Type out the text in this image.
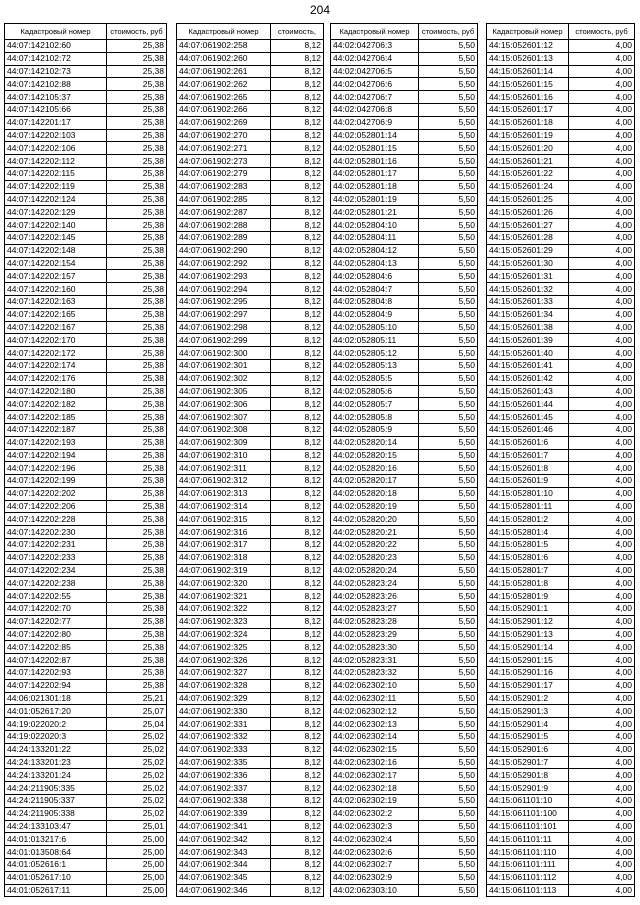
204
Кадастровый номер	стоимость, руб
44:07:142102:60	25,38
44:07:142102:72	25,38
44:07:142102:73	25,38
44:07:142102:88	25,38
44:07:142105:37	25,38
44:07:142105:66	25,38
44:07:142201:17	25,38
44:07:142202:103	25,38
44:07:142202:106	25,38
44:07:142202:112	25,38
44:07:142202:115	25,38
44:07:142202:119	25,38
44:07:142202:124	25,38
44:07:142202:129	25,38
44:07:142202:140	25,38
44:07:142202:145	25,38
44:07:142202:148	25,38
44:07:142202:154	25,38
44:07:142202:157	25,38
44:07:142202:160	25,38
44:07:142202:163	25,38
44:07:142202:165	25,38
44:07:142202:167	25,38
44:07:142202:170	25,38
44:07:142202:172	25,38
44:07:142202:174	25,38
44:07:142202:176	25,38
44:07:142202:180	25,38
44:07:142202:182	25,38
44:07:142202:185	25,38
44:07:142202:187	25,38
44:07:142202:193	25,38
44:07:142202:194	25,38
44:07:142202:196	25,38
44:07:142202:199	25,38
44:07:142202:202	25,38
44:07:142202:206	25,38
44:07:142202:228	25,38
44:07:142202:230	25,38
44:07:142202:231	25,38
44:07:142202:233	25,38
44:07:142202:234	25,38
44:07:142202:238	25,38
44:07:142202:55	25,38
44:07:142202:70	25,38
44:07:142202:77	25,38
44:07:142202:80	25,38
44:07:142202:85	25,38
44:07:142202:87	25,38
44:07:142202:93	25,38
44:07:142202:94	25,38
44:06:021301:18	25,21
44:01:052617:20	25,07
44:19:022020:2	25,04
44:19:022020:3	25,02
44:24:133201:22	25,02
44:24:133201:23	25,02
44:24:133201:24	25,02
44:24:211905:335	25,02
44:24:211905:337	25,02
44:24:211905:338	25,02
44:24:133103:47	25,01
44:01:013217:6	25,00
44:01:013508:64	25,00
44:01:052616:1	25,00
44:01:052617:10	25,00
44:01:052617:11	25,00
Кадастровый номер	стоимость,
44:07:061902:258	8,12
44:07:061902:260	8,12
44:07:061902:261	8,12
44:07:061902:262	8,12
44:07:061902:265	8,12
44:07:061902:266	8,12
44:07:061902:269	8,12
44:07:061902:270	8,12
44:07:061902:271	8,12
44:07:061902:273	8,12
44:07:061902:279	8,12
44:07:061902:283	8,12
44:07:061902:285	8,12
44:07:061902:287	8,12
44:07:061902:288	8,12
44:07:061902:289	8,12
44:07:061902:290	8,12
44:07:061902:292	8,12
44:07:061902:293	8,12
44:07:061902:294	8,12
44:07:061902:295	8,12
44:07:061902:297	8,12
44:07:061902:298	8,12
44:07:061902:299	8,12
44:07:061902:300	8,12
44:07:061902:301	8,12
44:07:061902:302	8,12
44:07:061902:305	8,12
44:07:061902:306	8,12
44:07:061902:307	8,12
44:07:061902:308	8,12
44:07:061902:309	8,12
44:07:061902:310	8,12
44:07:061902:311	8,12
44:07:061902:312	8,12
44:07:061902:313	8,12
44:07:061902:314	8,12
44:07:061902:315	8,12
44:07:061902:316	8,12
44:07:061902:317	8,12
44:07:061902:318	8,12
44:07:061902:319	8,12
44:07:061902:320	8,12
44:07:061902:321	8,12
44:07:061902:322	8,12
44:07:061902:323	8,12
44:07:061902:324	8,12
44:07:061902:325	8,12
44:07:061902:326	8,12
44:07:061902:327	8,12
44:07:061902:328	8,12
44:07:061902:329	8,12
44:07:061902:330	8,12
44:07:061902:331	8,12
44:07:061902:332	8,12
44:07:061902:333	8,12
44:07:061902:335	8,12
44:07:061902:336	8,12
44:07:061902:337	8,12
44:07:061902:338	8,12
44:07:061902:339	8,12
44:07:061902:341	8,12
44:07:061902:342	8,12
44:07:061902:343	8,12
44:07:061902:344	8,12
44:07:061902:345	8,12
44:07:061902:346	8,12
Кадастровый номер	стоимость, руб
44:02:042706:3	5,50
44:02:042706:4	5,50
44:02:042706:5	5,50
44:02:042706:6	5,50
44:02:042706:7	5,50
44:02:042706:8	5,50
44:02:042706:9	5,50
44:02:052801:14	5,50
44:02:052801:15	5,50
44:02:052801:16	5,50
44:02:052801:17	5,50
44:02:052801:18	5,50
44:02:052801:19	5,50
44:02:052801:21	5,50
44:02:052804:10	5,50
44:02:052804:11	5,50
44:02:052804:12	5,50
44:02:052804:13	5,50
44:02:052804:6	5,50
44:02:052804:7	5,50
44:02:052804:8	5,50
44:02:052804:9	5,50
44:02:052805:10	5,50
44:02:052805:11	5,50
44:02:052805:12	5,50
44:02:052805:13	5,50
44:02:052805:5	5,50
44:02:052805:6	5,50
44:02:052805:7	5,50
44:02:052805:8	5,50
44:02:052805:9	5,50
44:02:052820:14	5,50
44:02:052820:15	5,50
44:02:052820:16	5,50
44:02:052820:17	5,50
44:02:052820:18	5,50
44:02:052820:19	5,50
44:02:052820:20	5,50
44:02:052820:21	5,50
44:02:052820:22	5,50
44:02:052820:23	5,50
44:02:052820:24	5,50
44:02:052823:24	5,50
44:02:052823:26	5,50
44:02:052823:27	5,50
44:02:052823:28	5,50
44:02:052823:29	5,50
44:02:052823:30	5,50
44:02:052823:31	5,50
44:02:052823:32	5,50
44:02:062302:10	5,50
44:02:062302:11	5,50
44:02:062302:12	5,50
44:02:062302:13	5,50
44:02:062302:14	5,50
44:02:062302:15	5,50
44:02:062302:16	5,50
44:02:062302:17	5,50
44:02:062302:18	5,50
44:02:062302:19	5,50
44:02:062302:2	5,50
44:02:062302:3	5,50
44:02:062302:4	5,50
44:02:062302:6	5,50
44:02:062302:7	5,50
44:02:062302:9	5,50
44:02:062303:10	5,50
Кадастровый номер	стоимость, руб
44:15:052601:12	4,00
44:15:052601:13	4,00
44:15:052601:14	4,00
44:15:052601:15	4,00
44:15:052601:16	4,00
44:15:052601:17	4,00
44:15:052601:18	4,00
44:15:052601:19	4,00
44:15:052601:20	4,00
44:15:052601:21	4,00
44:15:052601:22	4,00
44:15:052601:24	4,00
44:15:052601:25	4,00
44:15:052601:26	4,00
44:15:052601:27	4,00
44:15:052601:28	4,00
44:15:052601:29	4,00
44:15:052601:30	4,00
44:15:052601:31	4,00
44:15:052601:32	4,00
44:15:052601:33	4,00
44:15:052601:34	4,00
44:15:052601:38	4,00
44:15:052601:39	4,00
44:15:052601:40	4,00
44:15:052601:41	4,00
44:15:052601:42	4,00
44:15:052601:43	4,00
44:15:052601:44	4,00
44:15:052601:45	4,00
44:15:052601:46	4,00
44:15:052601:6	4,00
44:15:052601:7	4,00
44:15:052601:8	4,00
44:15:052601:9	4,00
44:15:052801:10	4,00
44:15:052801:11	4,00
44:15:052801:2	4,00
44:15:052801:4	4,00
44:15:052801:5	4,00
44:15:052801:6	4,00
44:15:052801:7	4,00
44:15:052801:8	4,00
44:15:052801:9	4,00
44:15:052901:1	4,00
44:15:052901:12	4,00
44:15:052901:13	4,00
44:15:052901:14	4,00
44:15:052901:15	4,00
44:15:052901:16	4,00
44:15:052901:17	4,00
44:15:052901:2	4,00
44:15:052901:3	4,00
44:15:052901:4	4,00
44:15:052901:5	4,00
44:15:052901:6	4,00
44:15:052901:7	4,00
44:15:052901:8	4,00
44:15:052901:9	4,00
44:15:061101:10	4,00
44:15:061101:100	4,00
44:15:061101:101	4,00
44:15:061101:11	4,00
44:15:061101:110	4,00
44:15:061101:111	4,00
44:15:061101:112	4,00
44:15:061101:113	4,00
